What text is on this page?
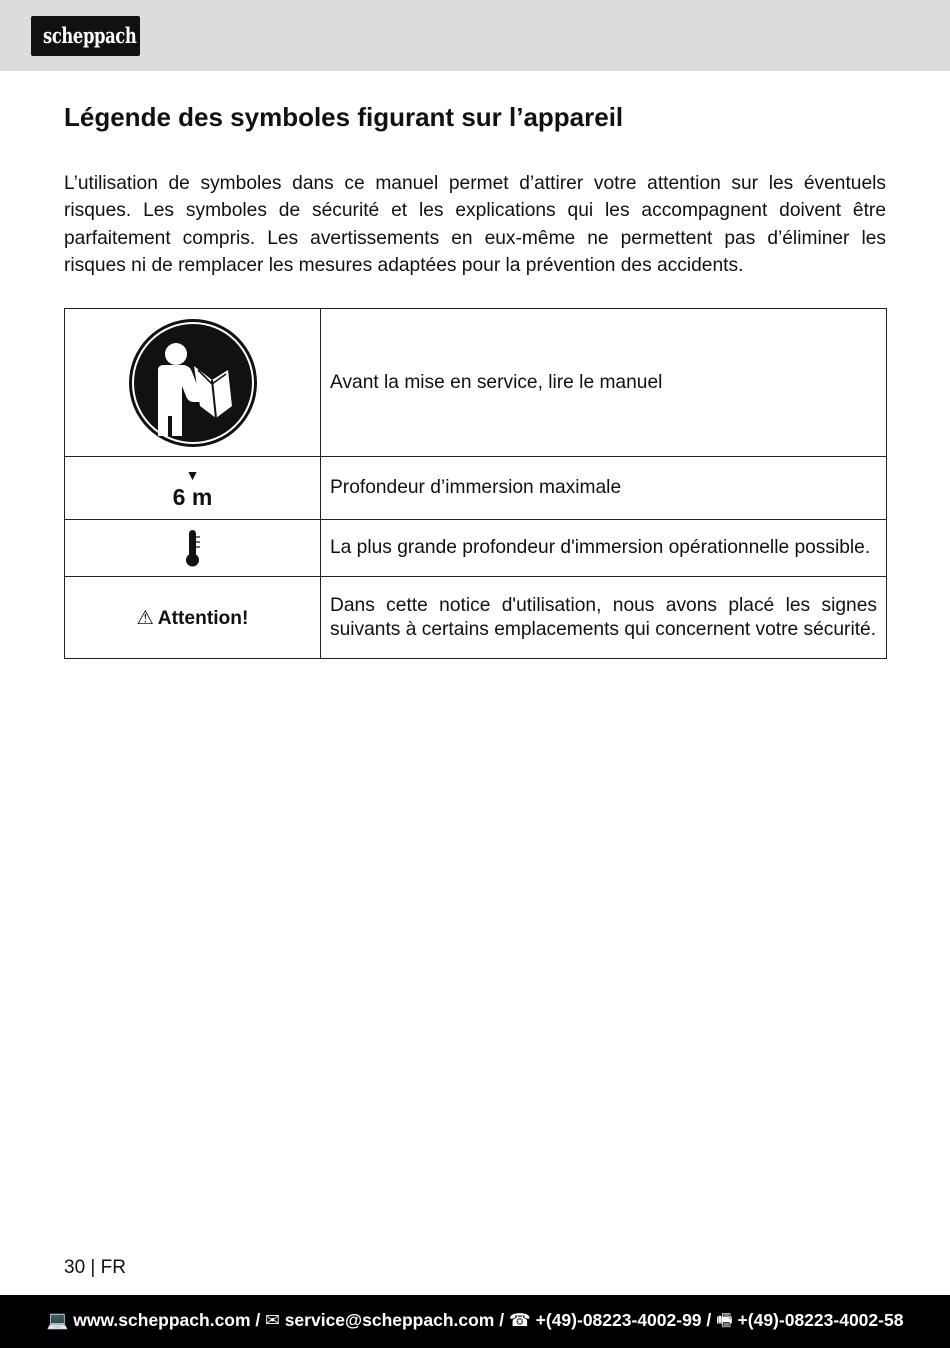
scheppach
Légende des symboles figurant sur l’appareil

L’utilisation de symboles dans ce manuel permet d’attirer votre attention sur les éventuels risques. Les symboles de sécurité et les explications qui les accompagnent doivent être parfaitement compris. Les avertissements en eux-même ne permettent pas d’éliminer les risques ni de remplacer les mesures adaptées pour la prévention des accidents.

	Avant la mise en service, lire le manuel

▼
6 m	Profondeur d’immersion maximale

	La plus grande profondeur d'immersion opérationnelle possible.
⚠ Attention!	Dans cette notice d'utilisation, nous avons placé les signes suivants à certains emplacements qui concernent votre sécurité.
30 | FR
💻 www.scheppach.com / ✉ service@scheppach.com / ☎ +(49)-08223-4002-99 / 🖷 +(49)-08223-4002-58
